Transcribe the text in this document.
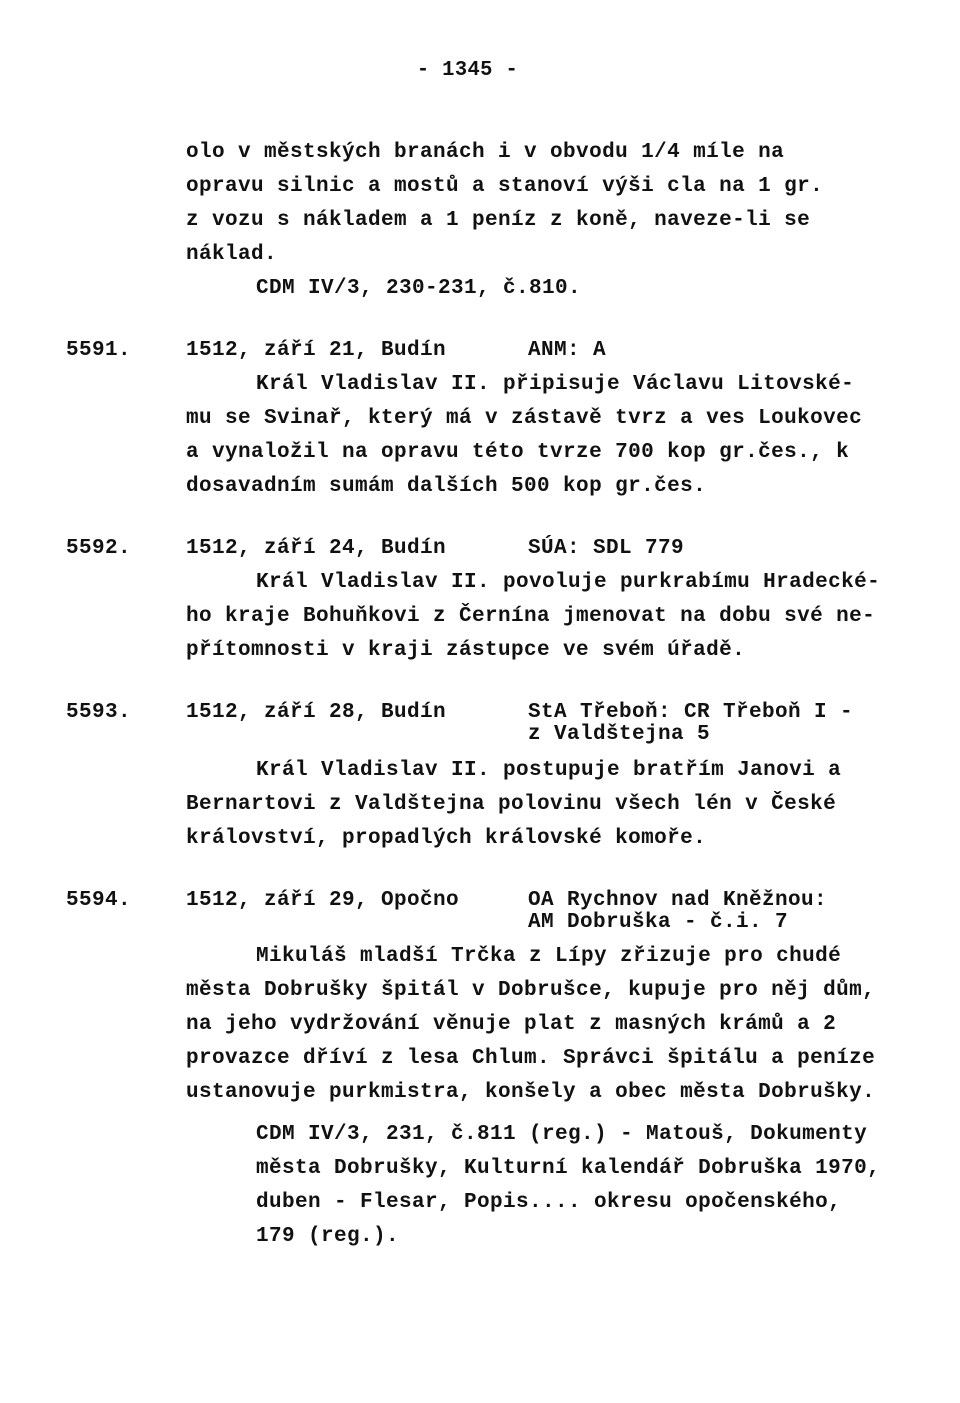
- 1345 -
olo v městských branách i v obvodu 1/4 míle na
opravu silnic a mostů a stanoví výši cla na 1 gr.
z vozu s nákladem a 1 peníz z koně, naveze-li se
náklad.
CDM IV/3, 230-231, č.810.
5591.	1512, září 21, Budín	ANM: A
Král Vladislav II. připisuje Václavu Litovské-
mu se Svinař, který má v zástavě tvrz a ves Loukovec
a vynaložil na opravu této tvrze 700 kop gr.čes., k
dosavadním sumám dalších 500 kop gr.čes.
5592.	1512, září 24, Budín	SÚA: SDL 779
Král Vladislav II. povoluje purkrabímu Hradecké-
ho kraje Bohuňkovi z Černína jmenovat na dobu své ne-
přítomnosti v kraji zástupce ve svém úřadě.
5593.	1512, září 28, Budín	StA Třeboň: CR Třeboň I -
z Valdštejna 5
Král Vladislav II. postupuje bratřím Janovi a
Bernartovi z Valdštejna polovinu všech lén v České
království, propadlých královské komoře.
5594.	1512, září 29, Opočno	OA Rychnov nad Kněžnou:
AM Dobruška - č.i. 7
Mikuláš mladší Trčka z Lípy zřizuje pro chudé
města Dobrušky špitál v Dobrušce, kupuje pro něj dům,
na jeho vydržování věnuje plat z masných krámů a 2
provazce dříví z lesa Chlum. Správci špitálu a peníze
ustanovuje purkmistra, konšely a obec města Dobrušky.
CDM IV/3, 231, č.811 (reg.) - Matouš, Dokumenty
města Dobrušky, Kulturní kalendář Dobruška 1970,
duben - Flesar, Popis.... okresu opočenského,
179 (reg.).
